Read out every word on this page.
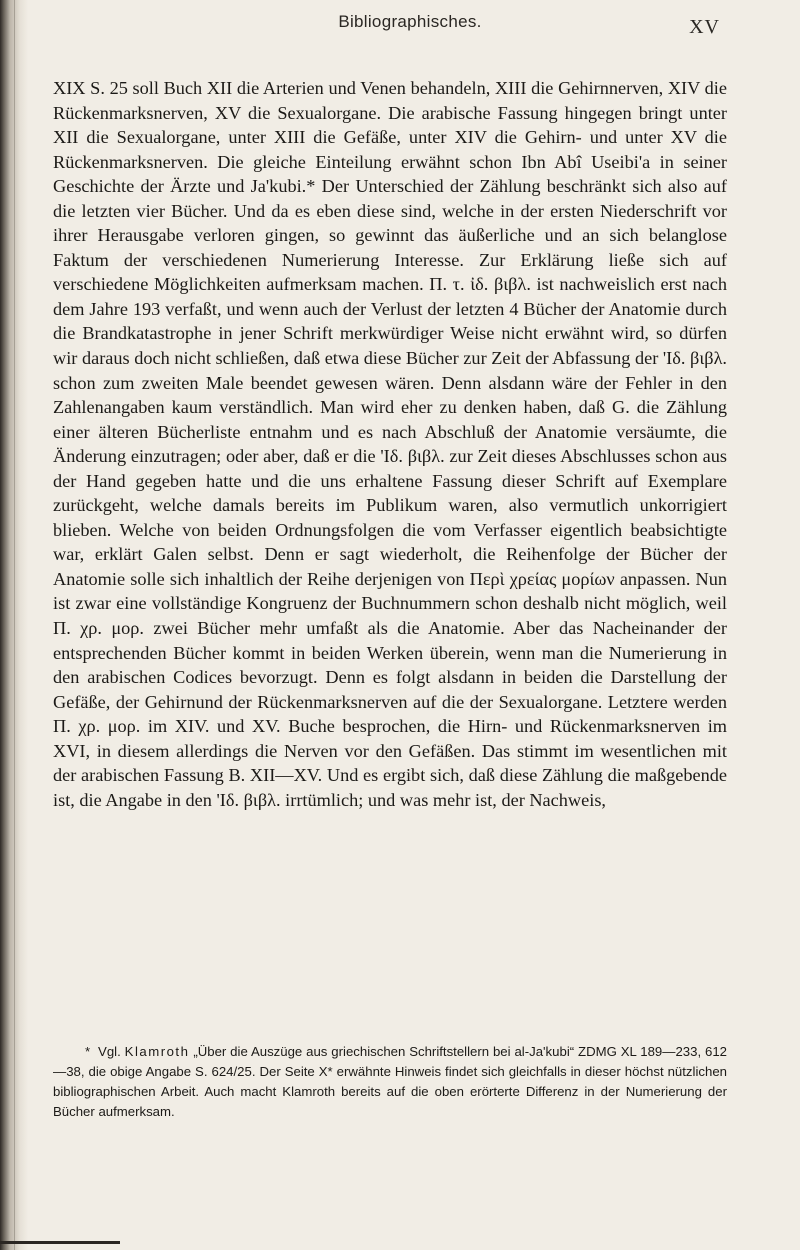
Bibliographisches.	XV

XIX S. 25 soll Buch XII die Arterien und Venen behandeln, XIII die Gehirnnerven, XIV die Rückenmarksnerven, XV die Sexualorgane. Die arabische Fassung hingegen bringt unter XII die Sexualorgane, unter XIII die Gefäße, unter XIV die Gehirn- und unter XV die Rückenmarksnerven. Die gleiche Einteilung erwähnt schon Ibn Abî Useibi'a in seiner Geschichte der Ärzte und Ja'kubi.* Der Unterschied der Zählung beschränkt sich also auf die letzten vier Bücher. Und da es eben diese sind, welche in der ersten Niederschrift vor ihrer Herausgabe verloren gingen, so gewinnt das äußerliche und an sich belanglose Faktum der verschiedenen Numerierung Interesse. Zur Erklärung ließe sich auf verschiedene Möglichkeiten aufmerksam machen. Π. τ. ἰδ. βιβλ. ist nachweislich erst nach dem Jahre 193 verfaßt, und wenn auch der Verlust der letzten 4 Bücher der Anatomie durch die Brandkatastrophe in jener Schrift merkwürdiger Weise nicht erwähnt wird, so dürfen wir daraus doch nicht schließen, daß etwa diese Bücher zur Zeit der Abfassung der 'Ιδ. βιβλ. schon zum zweiten Male beendet gewesen wären. Denn alsdann wäre der Fehler in den Zahlenangaben kaum verständlich. Man wird eher zu denken haben, daß G. die Zählung einer älteren Bücherliste entnahm und es nach Abschluß der Anatomie versäumte, die Änderung einzutragen; oder aber, daß er die 'Ιδ. βιβλ. zur Zeit dieses Abschlusses schon aus der Hand gegeben hatte und die uns erhaltene Fassung dieser Schrift auf Exemplare zurückgeht, welche damals bereits im Publikum waren, also vermutlich unkorrigiert blieben. Welche von beiden Ordnungsfolgen die vom Verfasser eigentlich beabsichtigte war, erklärt Galen selbst. Denn er sagt wiederholt, die Reihenfolge der Bücher der Anatomie solle sich inhaltlich der Reihe derjenigen von Περὶ χρείας μορίων anpassen. Nun ist zwar eine vollständige Kongruenz der Buchnummern schon deshalb nicht möglich, weil Π. χρ. μορ. zwei Bücher mehr umfaßt als die Anatomie. Aber das Nacheinander der entsprechenden Bücher kommt in beiden Werken überein, wenn man die Numerierung in den arabischen Codices bevorzugt. Denn es folgt alsdann in beiden die Darstellung der Gefäße, der Gehirnund der Rückenmarksnerven auf die der Sexualorgane. Letztere werden Π. χρ. μορ. im XIV. und XV. Buche besprochen, die Hirn- und Rückenmarksnerven im XVI, in diesem allerdings die Nerven vor den Gefäßen. Das stimmt im wesentlichen mit der arabischen Fassung B. XII—XV. Und es ergibt sich, daß diese Zählung die maßgebende ist, die Angabe in den 'Ιδ. βιβλ. irrtümlich; und was mehr ist, der Nachweis,

* Vgl. Klamroth „Über die Auszüge aus griechischen Schriftstellern bei al-Ja'kubi“ ZDMG XL 189—233, 612—38, die obige Angabe S. 624/25. Der Seite X* erwähnte Hinweis findet sich gleichfalls in dieser höchst nützlichen bibliographischen Arbeit. Auch macht Klamroth bereits auf die oben erörterte Differenz in der Numerierung der Bücher aufmerksam.
